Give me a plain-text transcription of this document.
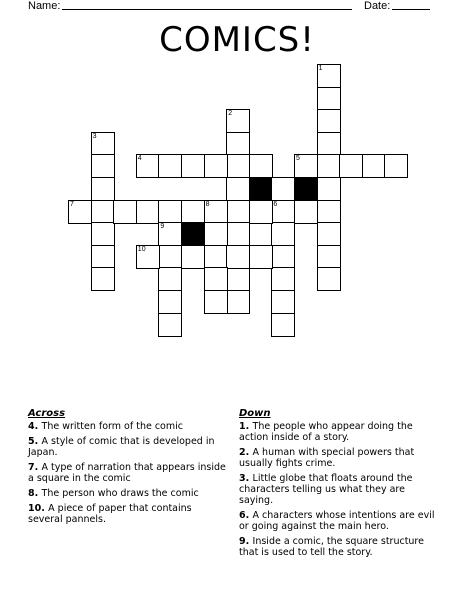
Name:	Date:
COMICS!
1
2
3
4	5
6
7	8
9
10
Across
4. The written form of the comic
5. A style of comic that is developed in Japan.
7. A type of narration that appears inside a square in the comic
8. The person who draws the comic
10. A piece of paper that contains several pannels.
Down
1. The people who appear doing the action inside of a story.
2. A human with special powers that usually fights crime.
3. Little globe that floats around the characters telling us what they are saying.
6. A characters whose intentions are evil or going against the main hero.
9. Inside a comic, the square structure that is used to tell the story.
